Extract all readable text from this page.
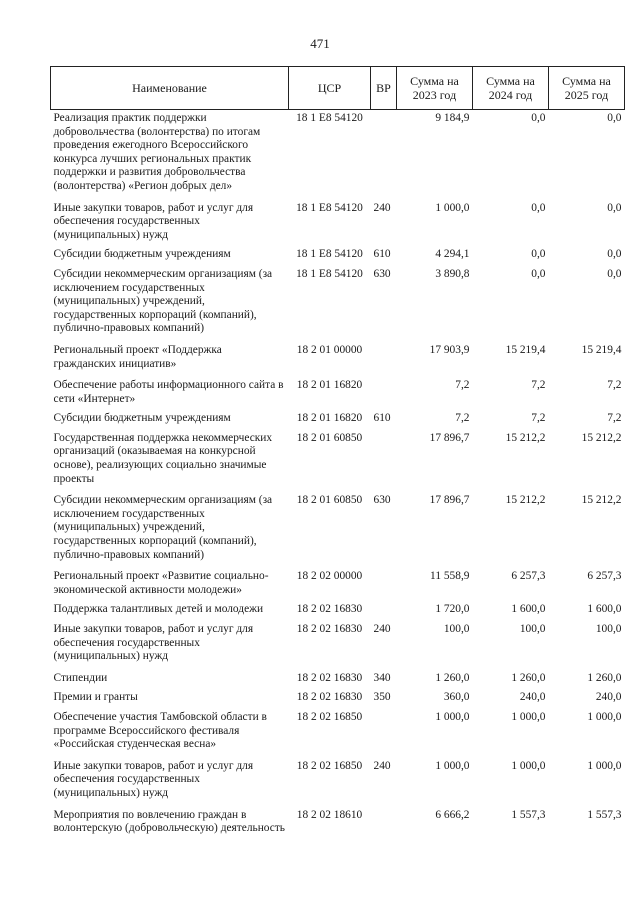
471
Наименование	ЦСР	ВР	Сумма на 2023 год	Сумма на 2024 год	Сумма на 2025 год
Реализация практик поддержки добровольчества (волонтерства) по итогам проведения ежегодного Всероссийского конкурса лучших региональных практик поддержки и развития добровольчества (волонтерства) «Регион добрых дел»	18 1 E8 54120		9 184,9	0,0	0,0
Иные закупки товаров, работ и услуг для обеспечения государственных (муниципальных) нужд	18 1 E8 54120	240	1 000,0	0,0	0,0
Субсидии бюджетным учреждениям	18 1 E8 54120	610	4 294,1	0,0	0,0
Субсидии некоммерческим организациям (за исключением государственных (муниципальных) учреждений, государственных корпораций (компаний), публично-правовых компаний)	18 1 E8 54120	630	3 890,8	0,0	0,0
Региональный проект «Поддержка гражданских инициатив»	18 2 01 00000		17 903,9	15 219,4	15 219,4
Обеспечение работы информационного сайта в сети «Интернет»	18 2 01 16820		7,2	7,2	7,2
Субсидии бюджетным учреждениям	18 2 01 16820	610	7,2	7,2	7,2
Государственная поддержка некоммерческих организаций (оказываемая на конкурсной основе), реализующих социально значимые проекты	18 2 01 60850		17 896,7	15 212,2	15 212,2
Субсидии некоммерческим организациям (за исключением государственных (муниципальных) учреждений, государственных корпораций (компаний), публично-правовых компаний)	18 2 01 60850	630	17 896,7	15 212,2	15 212,2
Региональный проект «Развитие социально-экономической активности молодежи»	18 2 02 00000		11 558,9	6 257,3	6 257,3
Поддержка талантливых детей и молодежи	18 2 02 16830		1 720,0	1 600,0	1 600,0
Иные закупки товаров, работ и услуг для обеспечения государственных (муниципальных) нужд	18 2 02 16830	240	100,0	100,0	100,0
Стипендии	18 2 02 16830	340	1 260,0	1 260,0	1 260,0
Премии и гранты	18 2 02 16830	350	360,0	240,0	240,0
Обеспечение участия Тамбовской области в программе Всероссийского фестиваля «Российская студенческая весна»	18 2 02 16850		1 000,0	1 000,0	1 000,0
Иные закупки товаров, работ и услуг для обеспечения государственных (муниципальных) нужд	18 2 02 16850	240	1 000,0	1 000,0	1 000,0
Мероприятия по вовлечению граждан в волонтерскую (добровольческую) деятельность	18 2 02 18610		6 666,2	1 557,3	1 557,3
